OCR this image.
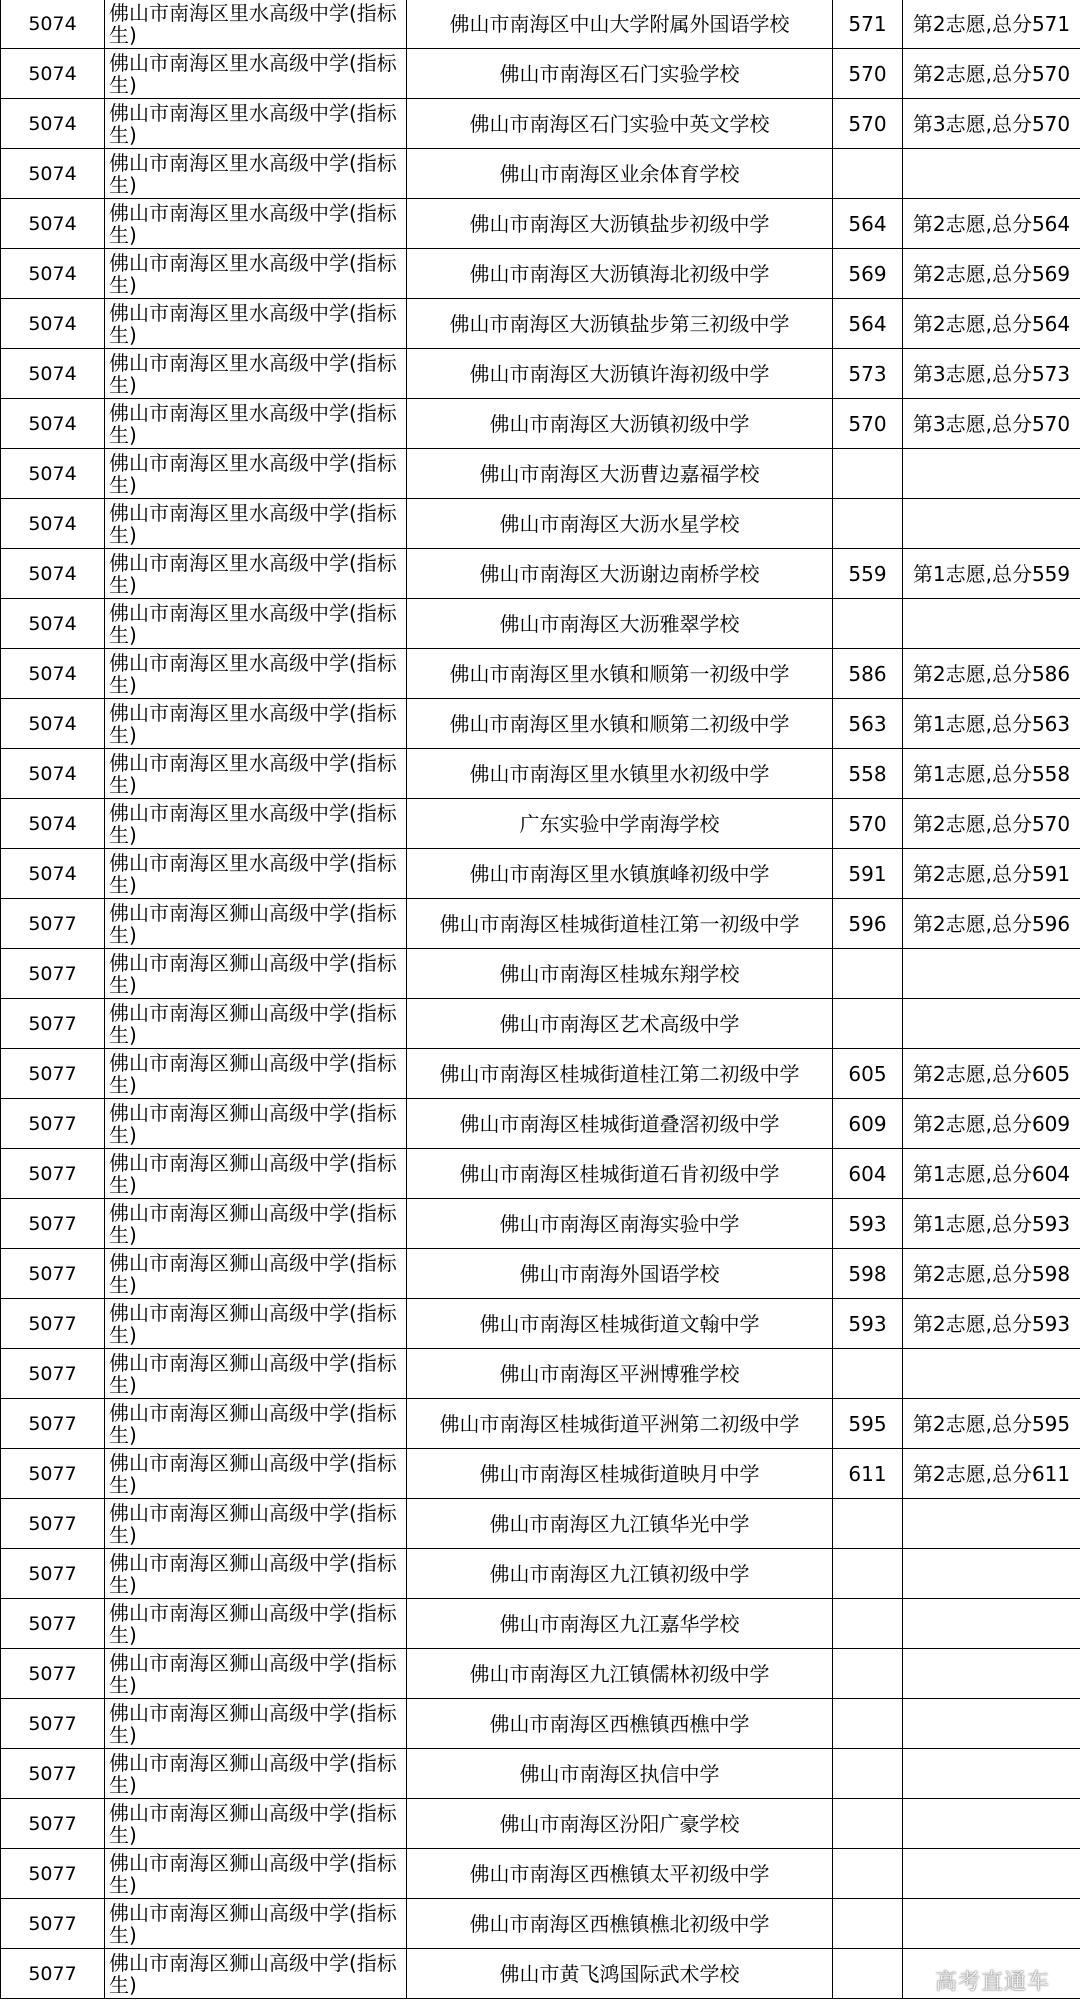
5074	佛山市南海区里水高级中学(指标生)	佛山市南海区中山大学附属外国语学校	571	第2志愿,总分571
5074	佛山市南海区里水高级中学(指标生)	佛山市南海区石门实验学校	570	第2志愿,总分570
5074	佛山市南海区里水高级中学(指标生)	佛山市南海区石门实验中英文学校	570	第3志愿,总分570
5074	佛山市南海区里水高级中学(指标生)	佛山市南海区业余体育学校		
5074	佛山市南海区里水高级中学(指标生)	佛山市南海区大沥镇盐步初级中学	564	第2志愿,总分564
5074	佛山市南海区里水高级中学(指标生)	佛山市南海区大沥镇海北初级中学	569	第2志愿,总分569
5074	佛山市南海区里水高级中学(指标生)	佛山市南海区大沥镇盐步第三初级中学	564	第2志愿,总分564
5074	佛山市南海区里水高级中学(指标生)	佛山市南海区大沥镇许海初级中学	573	第3志愿,总分573
5074	佛山市南海区里水高级中学(指标生)	佛山市南海区大沥镇初级中学	570	第3志愿,总分570
5074	佛山市南海区里水高级中学(指标生)	佛山市南海区大沥曹边嘉福学校		
5074	佛山市南海区里水高级中学(指标生)	佛山市南海区大沥水星学校		
5074	佛山市南海区里水高级中学(指标生)	佛山市南海区大沥谢边南桥学校	559	第1志愿,总分559
5074	佛山市南海区里水高级中学(指标生)	佛山市南海区大沥雅翠学校		
5074	佛山市南海区里水高级中学(指标生)	佛山市南海区里水镇和顺第一初级中学	586	第2志愿,总分586
5074	佛山市南海区里水高级中学(指标生)	佛山市南海区里水镇和顺第二初级中学	563	第1志愿,总分563
5074	佛山市南海区里水高级中学(指标生)	佛山市南海区里水镇里水初级中学	558	第1志愿,总分558
5074	佛山市南海区里水高级中学(指标生)	广东实验中学南海学校	570	第2志愿,总分570
5074	佛山市南海区里水高级中学(指标生)	佛山市南海区里水镇旗峰初级中学	591	第2志愿,总分591
5077	佛山市南海区狮山高级中学(指标生)	佛山市南海区桂城街道桂江第一初级中学	596	第2志愿,总分596
5077	佛山市南海区狮山高级中学(指标生)	佛山市南海区桂城东翔学校		
5077	佛山市南海区狮山高级中学(指标生)	佛山市南海区艺术高级中学		
5077	佛山市南海区狮山高级中学(指标生)	佛山市南海区桂城街道桂江第二初级中学	605	第2志愿,总分605
5077	佛山市南海区狮山高级中学(指标生)	佛山市南海区桂城街道叠滘初级中学	609	第2志愿,总分609
5077	佛山市南海区狮山高级中学(指标生)	佛山市南海区桂城街道石肯初级中学	604	第1志愿,总分604
5077	佛山市南海区狮山高级中学(指标生)	佛山市南海区南海实验中学	593	第1志愿,总分593
5077	佛山市南海区狮山高级中学(指标生)	佛山市南海外国语学校	598	第2志愿,总分598
5077	佛山市南海区狮山高级中学(指标生)	佛山市南海区桂城街道文翰中学	593	第2志愿,总分593
5077	佛山市南海区狮山高级中学(指标生)	佛山市南海区平洲博雅学校		
5077	佛山市南海区狮山高级中学(指标生)	佛山市南海区桂城街道平洲第二初级中学	595	第2志愿,总分595
5077	佛山市南海区狮山高级中学(指标生)	佛山市南海区桂城街道映月中学	611	第2志愿,总分611
5077	佛山市南海区狮山高级中学(指标生)	佛山市南海区九江镇华光中学		
5077	佛山市南海区狮山高级中学(指标生)	佛山市南海区九江镇初级中学		
5077	佛山市南海区狮山高级中学(指标生)	佛山市南海区九江嘉华学校		
5077	佛山市南海区狮山高级中学(指标生)	佛山市南海区九江镇儒林初级中学		
5077	佛山市南海区狮山高级中学(指标生)	佛山市南海区西樵镇西樵中学		
5077	佛山市南海区狮山高级中学(指标生)	佛山市南海区执信中学		
5077	佛山市南海区狮山高级中学(指标生)	佛山市南海区汾阳广豪学校		
5077	佛山市南海区狮山高级中学(指标生)	佛山市南海区西樵镇太平初级中学		
5077	佛山市南海区狮山高级中学(指标生)	佛山市南海区西樵镇樵北初级中学		
5077	佛山市南海区狮山高级中学(指标生)	佛山市黄飞鸿国际武术学校			高考直通车
